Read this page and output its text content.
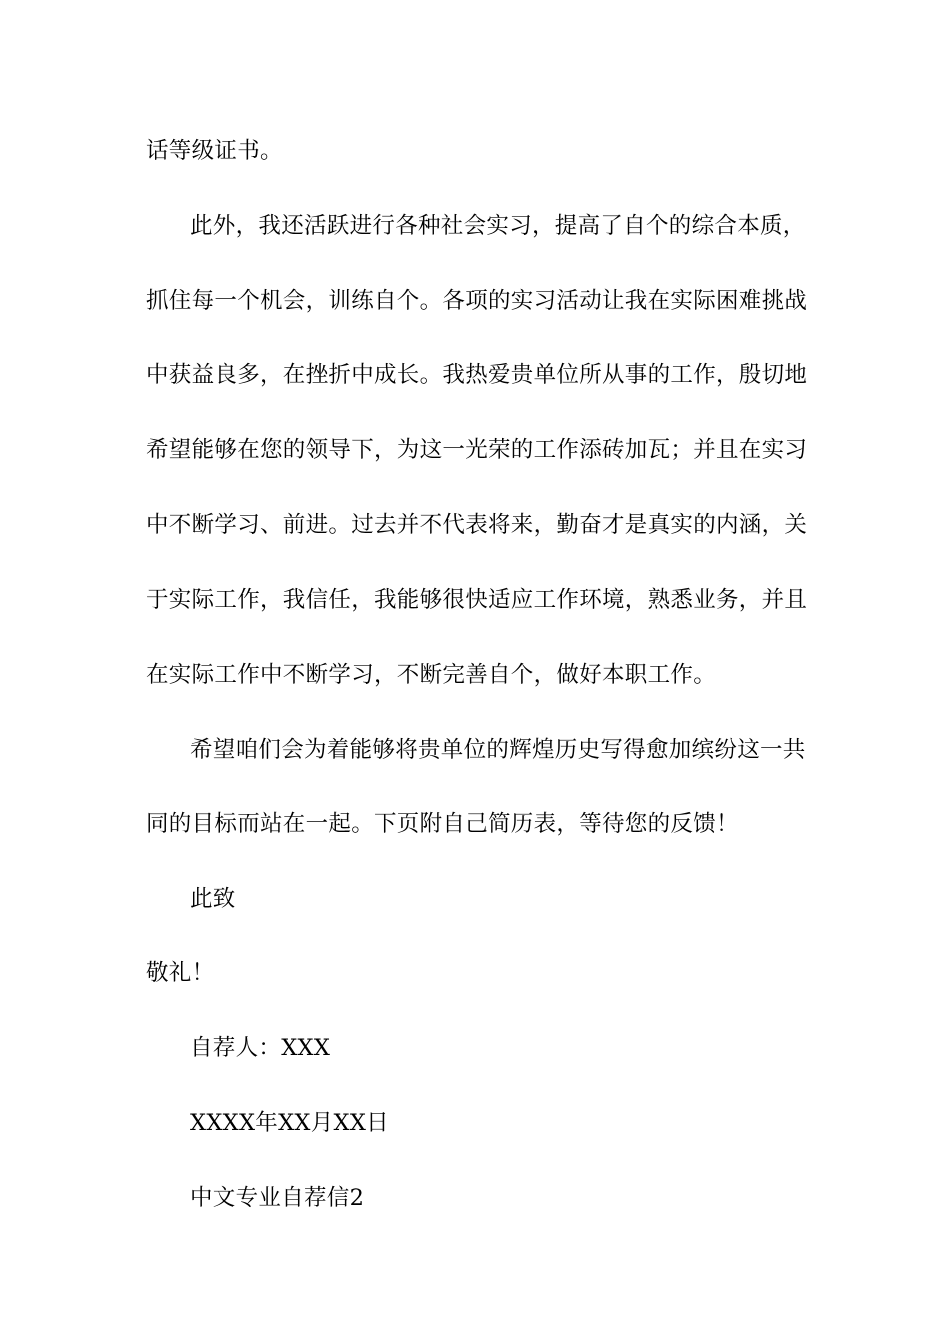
话等级证书。
此外，我还活跃进行各种社会实习，提高了自个的综合本质，
抓住每一个机会，训练自个。各项的实习活动让我在实际困难挑战
中获益良多，在挫折中成长。我热爱贵单位所从事的工作，殷切地
希望能够在您的领导下，为这一光荣的工作添砖加瓦；并且在实习
中不断学习、前进。过去并不代表将来，勤奋才是真实的内涵，关
于实际工作，我信任，我能够很快适应工作环境，熟悉业务，并且
在实际工作中不断学习，不断完善自个，做好本职工作。
希望咱们会为着能够将贵单位的辉煌历史写得愈加缤纷这一共
同的目标而站在一起。下页附自己简历表，等待您的反馈！
此致
敬礼！
自荐人：XXX
XXXX年XX月XX日
中文专业自荐信2
